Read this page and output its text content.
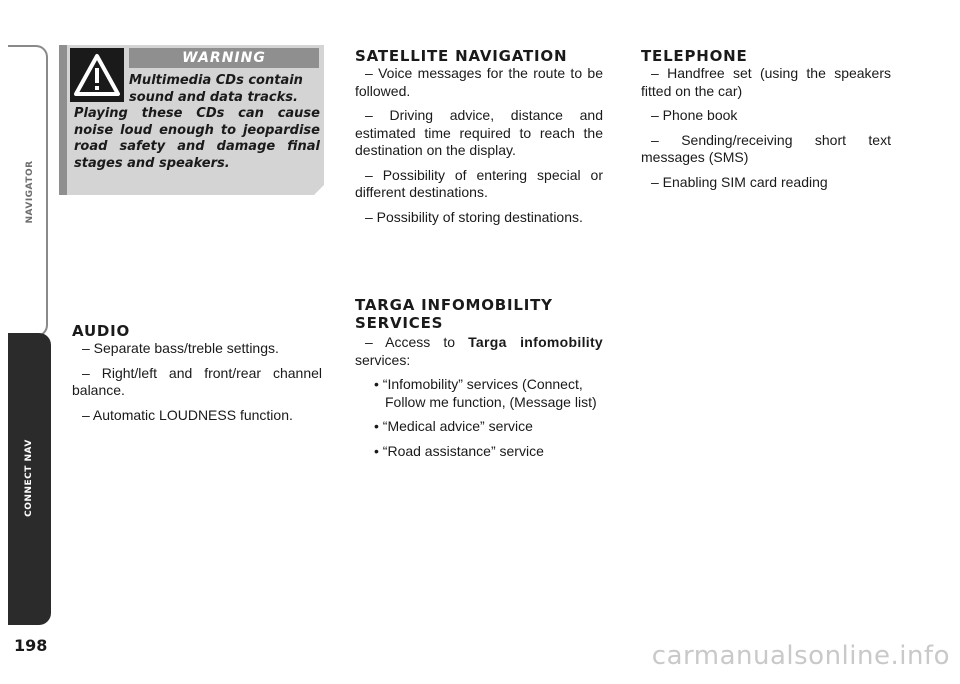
NAVIGATOR
CONNECT NAV
198
WARNING
Multimedia CDs contain
sound and data tracks.
Playing these CDs can cause noise loud enough to jeopardise road safety and damage final stages and speakers.
AUDIO

– Separate bass/treble settings.

– Right/left and front/rear channel balance.

– Automatic LOUDNESS function.

SATELLITE NAVIGATION

– Voice messages for the route to be followed.

– Driving advice, distance and estimated time required to reach the destination on the display.

– Possibility of entering special or different destinations.

– Possibility of storing destinations.

TARGA INFOMOBILITY
SERVICES

– Access to Targa infomobility services:

• “Infomobility” services (Connect, Follow me function, (Message list)
• “Medical advice” service
• “Road assistance” service
TELEPHONE

– Handfree set (using the speakers fitted on the car)

– Phone book

– Sending/receiving short text messages (SMS)

– Enabling SIM card reading

carmanualsonline.info
